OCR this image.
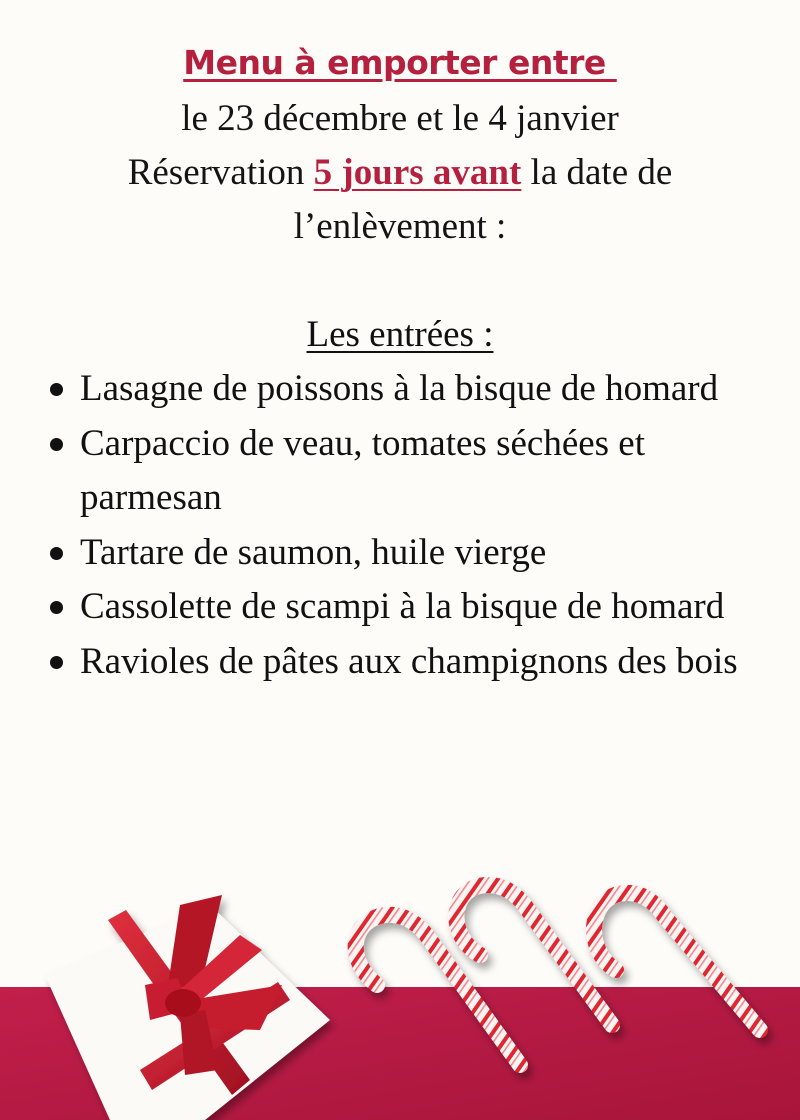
Menu à emporter entre
le 23 décembre et le 4 janvier
Réservation 5 jours avant la date de
l’enlèvement :
Les entrées :
Lasagne de poissons à la bisque de homard
Carpaccio de veau, tomates séchées et parmesan
Tartare de saumon, huile vierge
Cassolette de scampi à la bisque de homard
Ravioles de pâtes aux champignons des bois
